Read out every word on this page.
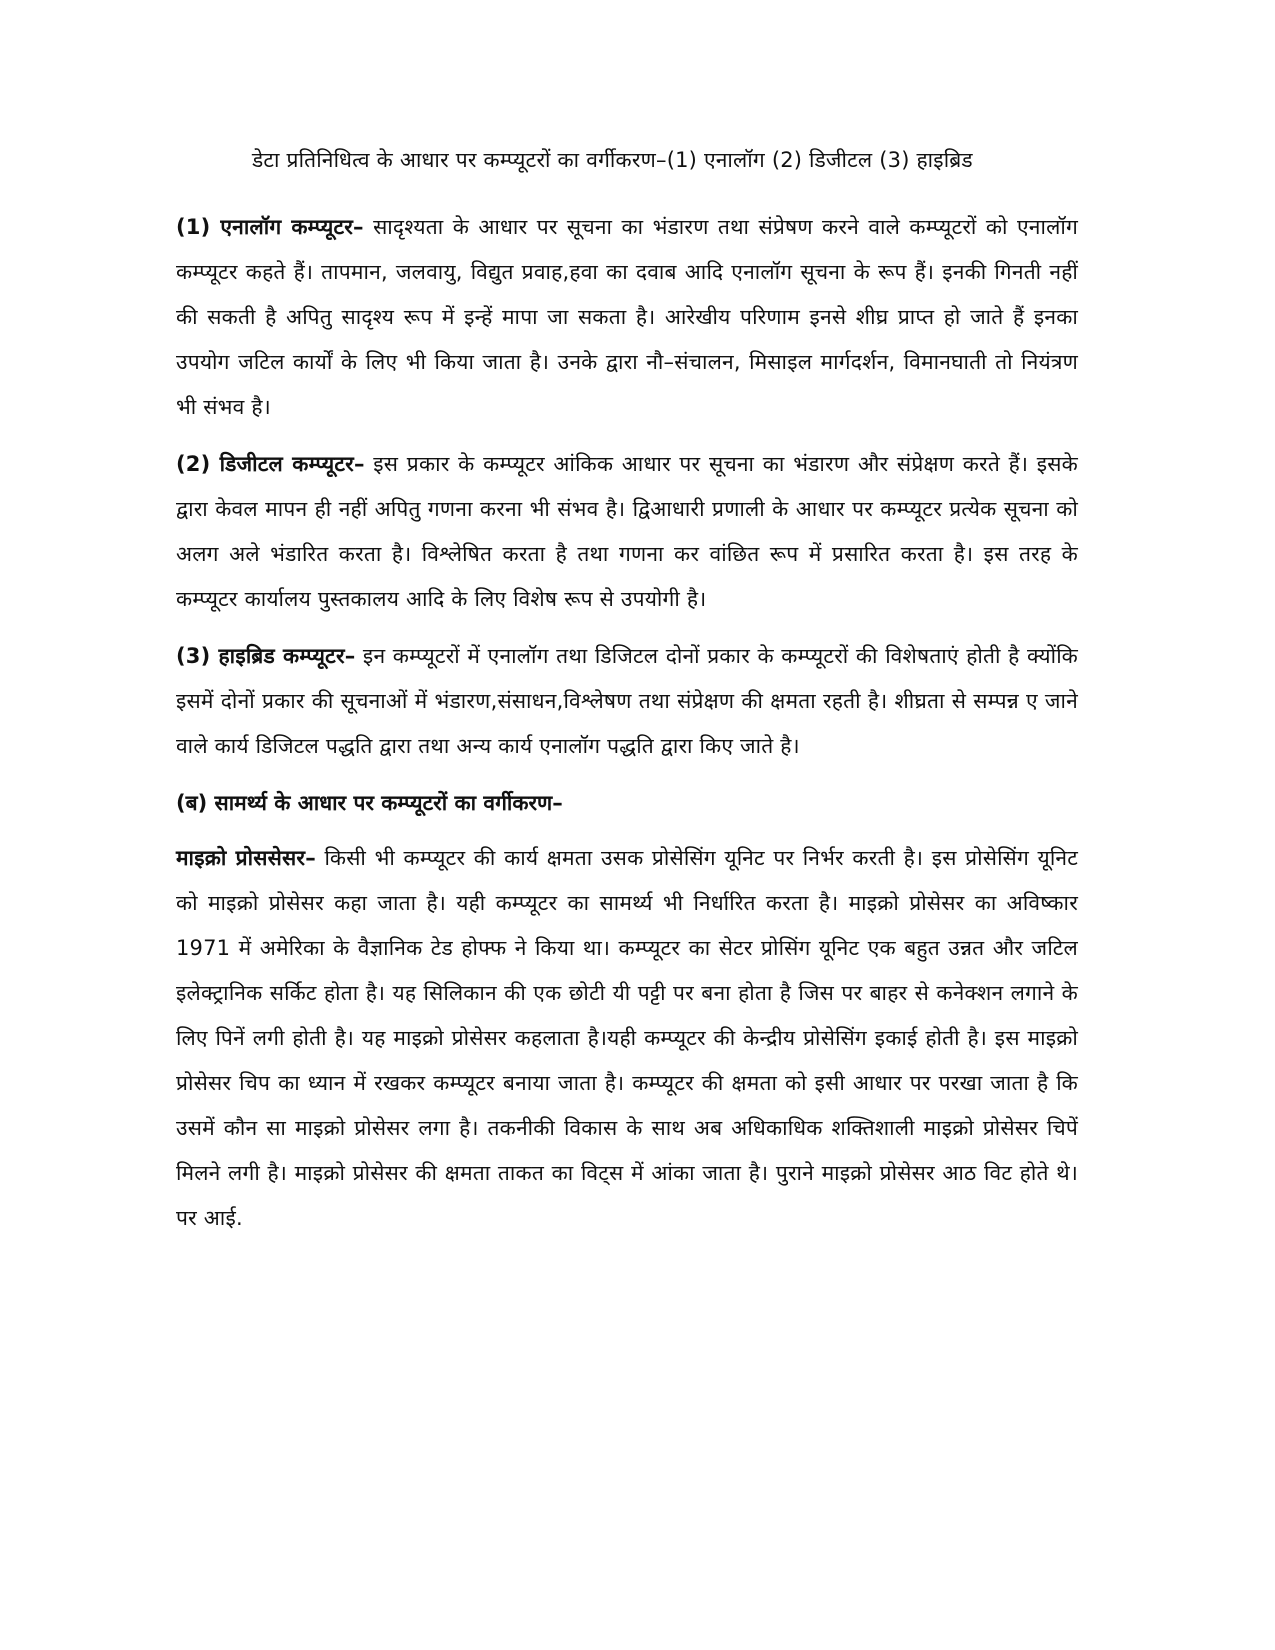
डेटा प्रतिनिधित्व के आधार पर कम्प्यूटरों का वर्गीकरण–(1) एनालॉग (2) डिजीटल (3) हाइब्रिड

(1) एनालॉग कम्प्यूटर– सादृश्यता के आधार पर सूचना का भंडारण तथा संप्रेषण करने वाले कम्प्यूटरों को एनालॉग कम्प्यूटर कहते हैं। तापमान, जलवायु, विद्युत प्रवाह,हवा का दवाब आदि एनालॉग सूचना के रूप हैं। इनकी गिनती नहीं की सकती है अपितु सादृश्य रूप में इन्हें मापा जा सकता है। आरेखीय परिणाम इनसे शीघ्र प्राप्त हो जाते हैं इनका उपयोग जटिल कार्यों के लिए भी किया जाता है। उनके द्वारा नौ–संचालन, मिसाइल मार्गदर्शन, विमानघाती तो नियंत्रण भी संभव है।

(2) डिजीटल कम्प्यूटर– इस प्रकार के कम्प्यूटर आंकिक आधार पर सूचना का भंडारण और संप्रेक्षण करते हैं। इसके द्वारा केवल मापन ही नहीं अपितु गणना करना भी संभव है। द्विआधारी प्रणाली के आधार पर कम्प्यूटर प्रत्येक सूचना को अलग अले भंडारित करता है। विश्लेषित करता है तथा गणना कर वांछित रूप में प्रसारित करता है। इस तरह के कम्प्यूटर कार्यालय पुस्तकालय आदि के लिए विशेष रूप से उपयोगी है।

(3) हाइब्रिड कम्प्यूटर– इन कम्प्यूटरों में एनालॉग तथा डिजिटल दोनों प्रकार के कम्प्यूटरों की विशेषताएं होती है क्योंकि इसमें दोनों प्रकार की सूचनाओं में भंडारण,संसाधन,विश्लेषण तथा संप्रेक्षण की क्षमता रहती है। शीघ्रता से सम्पन्न ए जाने वाले कार्य डिजिटल पद्धति द्वारा तथा अन्य कार्य एनालॉग पद्धति द्वारा किए जाते है।

(ब) सामर्थ्य के आधार पर कम्प्यूटरों का वर्गीकरण–

माइक्रो प्रोससेसर– किसी भी कम्प्यूटर की कार्य क्षमता उसक प्रोसेसिंग यूनिट पर निर्भर करती है। इस प्रोसेसिंग यूनिट को माइक्रो प्रोसेसर कहा जाता है। यही कम्प्यूटर का सामर्थ्य भी निर्धारित करता है। माइक्रो प्रोसेसर का अविष्कार 1971 में अमेरिका के वैज्ञानिक टेड होफ्फ ने किया था। कम्प्यूटर का सेटर प्रोसिंग यूनिट एक बहुत उन्नत और जटिल इलेक्ट्रानिक सर्किट होता है। यह सिलिकान की एक छोटी यी पट्टी पर बना होता है जिस पर बाहर से कनेक्शन लगाने के लिए पिनें लगी होती है। यह माइक्रो प्रोसेसर कहलाता है।यही कम्प्यूटर की केन्द्रीय प्रोसेसिंग इकाई होती है। इस माइक्रो प्रोसेसर चिप का ध्यान में रखकर कम्प्यूटर बनाया जाता है। कम्प्यूटर की क्षमता को इसी आधार पर परखा जाता है कि उसमें कौन सा माइक्रो प्रोसेसर लगा है। तकनीकी विकास के साथ अब अधिकाधिक शक्तिशाली माइक्रो प्रोसेसर चिपें मिलने लगी है। माइक्रो प्रोसेसर की क्षमता ताकत का विट्स में आंका जाता है। पुराने माइक्रो प्रोसेसर आठ विट होते थे। पर आई.
